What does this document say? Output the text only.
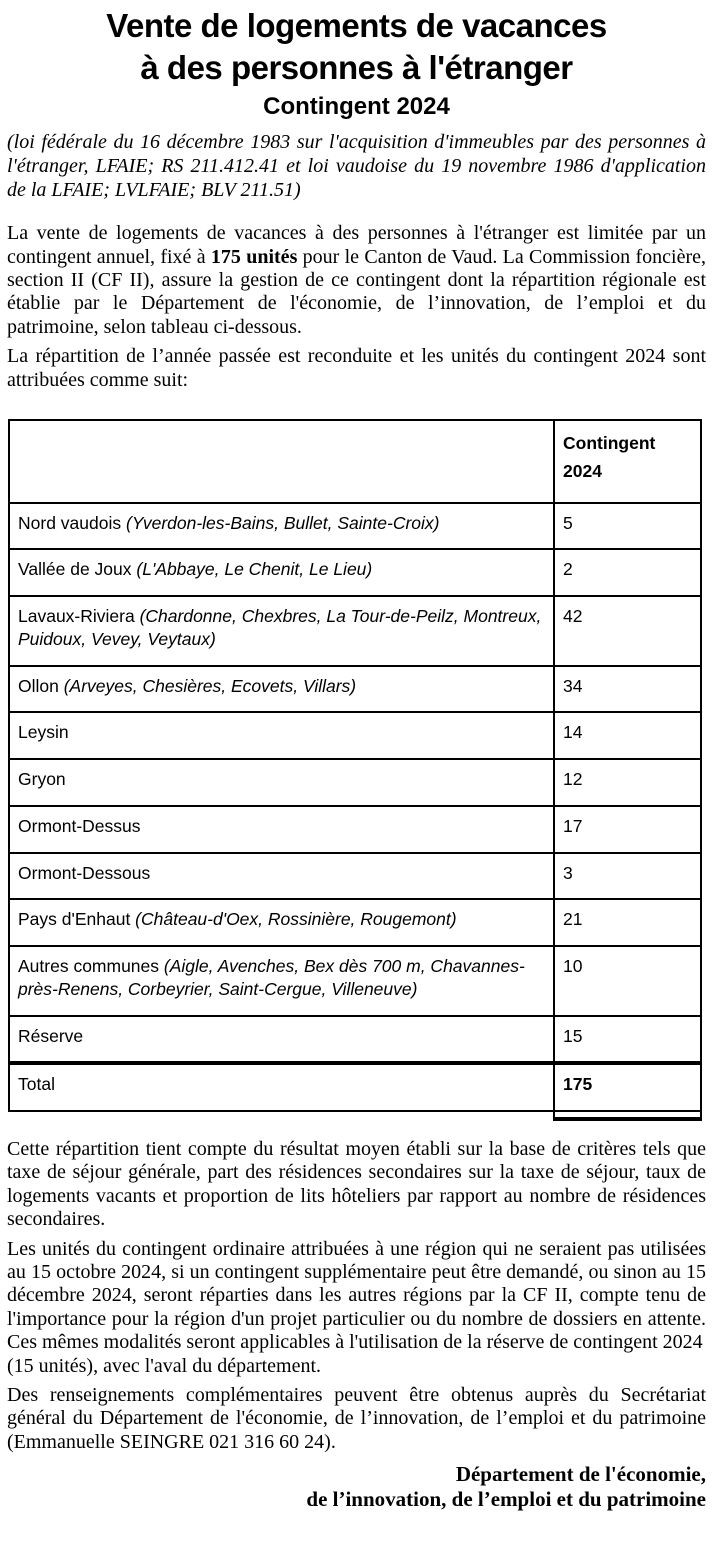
Vente de logements de vacances
à des personnes à l'étranger
Contingent 2024

(loi fédérale du 16 décembre 1983 sur l'acquisition d'immeubles par des personnes à l'étranger, LFAIE; RS 211.412.41 et loi vaudoise du 19 novembre 1986 d'application de la LFAIE; LVLFAIE; BLV 211.51)

La vente de logements de vacances à des personnes à l'étranger est limitée par un contingent annuel, fixé à 175 unités pour le Canton de Vaud. La Commission foncière, section II (CF II), assure la gestion de ce contingent dont la répartition régionale est établie par le Département de l'économie, de l’innovation, de l’emploi et du patrimoine, selon tableau ci-dessous.

La répartition de l’année passée est reconduite et les unités du contingent 2024 sont attribuées comme suit:

	Contingent
2024

Nord vaudois (Yverdon-les-Bains, Bullet, Sainte-Croix)	5
Vallée de Joux (L'Abbaye, Le Chenit, Le Lieu)	2
Lavaux-Riviera (Chardonne, Chexbres, La Tour-de-Peilz, Montreux, Puidoux, Vevey, Veytaux)	42
Ollon (Arveyes, Chesières, Ecovets, Villars)	34
Leysin	14
Gryon	12
Ormont-Dessus	17
Ormont-Dessous	3
Pays d'Enhaut (Château-d'Oex, Rossinière, Rougemont)	21
Autres communes (Aigle, Avenches, Bex dès 700 m, Chavannes-près-Renens, Corbeyrier, Saint-Cergue, Villeneuve)	10
Réserve	15
Total	175

Cette répartition tient compte du résultat moyen établi sur la base de critères tels que taxe de séjour générale, part des résidences secondaires sur la taxe de séjour, taux de logements vacants et proportion de lits hôteliers par rapport au nombre de résidences secondaires.

Les unités du contingent ordinaire attribuées à une région qui ne seraient pas utilisées au 15 octobre 2024, si un contingent supplémentaire peut être demandé, ou sinon au 15 décembre 2024, seront réparties dans les autres régions par la CF II, compte tenu de l'importance pour la région d'un projet particulier ou du nombre de dossiers en attente. Ces mêmes modalités seront applicables à l'utilisation de la réserve de contingent 2024
(15 unités), avec l'aval du département.

Des renseignements complémentaires peuvent être obtenus auprès du Secrétariat général du Département de l'économie, de l’innovation, de l’emploi et du patrimoine (Emmanuelle SEINGRE 021 316 60 24).

Département de l'économie,
de l’innovation, de l’emploi et du patrimoine
